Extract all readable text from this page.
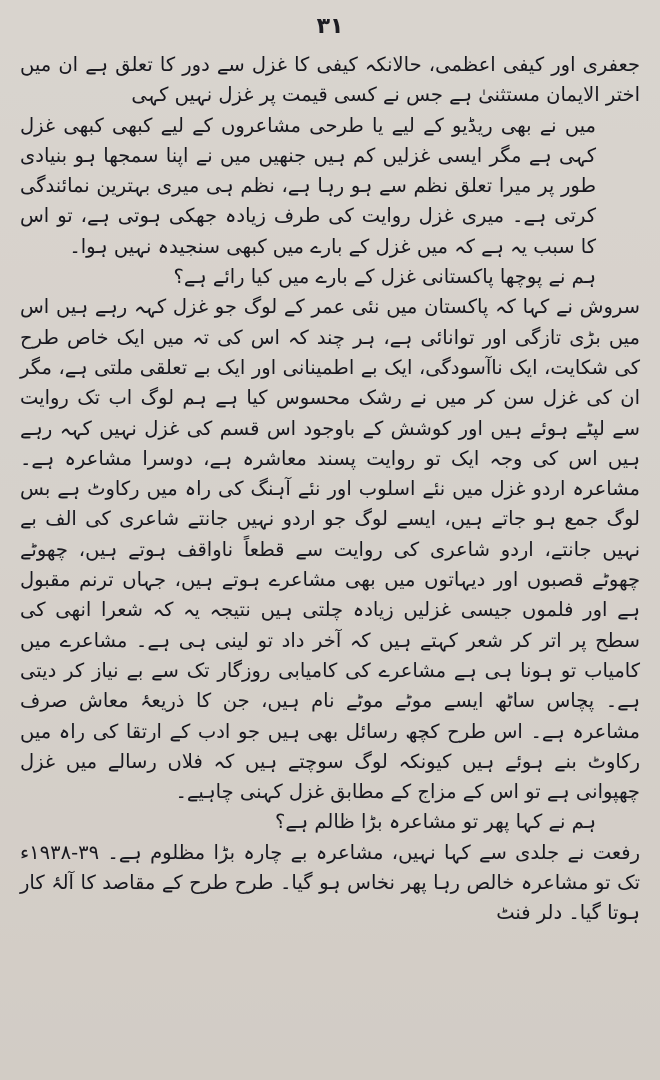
۳۱

جعفری اور کیفی اعظمی، حالانکہ کیفی کا غزل سے دور کا تعلق ہے ان میں اختر الایمان مستثنیٰ ہے جس نے کسی قیمت پر غزل نہیں کہی

میں نے بھی ریڈیو کے لیے یا طرحی مشاعروں کے لیے کبھی کبھی غزل کہی ہے مگر ایسی غزلیں کم ہیں جنھیں میں نے اپنا سمجھا ہو بنیادی طور پر میرا تعلق نظم سے ہو رہا ہے، نظم ہی میری بہترین نمائندگی کرتی ہے۔ میری غزل روایت کی طرف زیادہ جھکی ہوتی ہے، تو اس کا سبب یہ ہے کہ میں غزل کے بارے میں کبھی سنجیدہ نہیں ہوا۔

ہم نے پوچھا پاکستانی غزل کے بارے میں کیا رائے ہے؟

سروش نے کہا کہ پاکستان میں نئی عمر کے لوگ جو غزل کہہ رہے ہیں اس میں بڑی تازگی اور توانائی ہے، ہر چند کہ اس کی تہ میں ایک خاص طرح کی شکایت، ایک ناآسودگی، ایک بے اطمینانی اور ایک بے تعلقی ملتی ہے، مگر ان کی غزل سن کر میں نے رشک محسوس کیا ہے ہم لوگ اب تک روایت سے لپٹے ہوئے ہیں اور کوشش کے باوجود اس قسم کی غزل نہیں کہہ رہے ہیں اس کی وجہ ایک تو روایت پسند معاشرہ ہے، دوسرا مشاعرہ ہے۔ مشاعرہ اردو غزل میں نئے اسلوب اور نئے آہنگ کی راہ میں رکاوٹ ہے بس لوگ جمع ہو جاتے ہیں، ایسے لوگ جو اردو نہیں جانتے شاعری کی الف بے نہیں جانتے، اردو شاعری کی روایت سے قطعاً ناواقف ہوتے ہیں، چھوٹے چھوٹے قصبوں اور دیہاتوں میں بھی مشاعرے ہوتے ہیں، جہاں ترنم مقبول ہے اور فلموں جیسی غزلیں زیادہ چلتی ہیں نتیجہ یہ کہ شعرا انھی کی سطح پر اتر کر شعر کہتے ہیں کہ آخر داد تو لینی ہی ہے۔ مشاعرے میں کامیاب تو ہونا ہی ہے مشاعرے کی کامیابی روزگار تک سے بے نیاز کر دیتی ہے۔ پچاس ساٹھ ایسے موٹے موٹے نام ہیں، جن کا ذریعۂ معاش صرف مشاعرہ ہے۔ اس طرح کچھ رسائل بھی ہیں جو ادب کے ارتقا کی راہ میں رکاوٹ بنے ہوئے ہیں کیونکہ لوگ سوچتے ہیں کہ فلاں رسالے میں غزل چھپوانی ہے تو اس کے مزاج کے مطابق غزل کہنی چاہیے۔

ہم نے کہا پھر تو مشاعرہ بڑا ظالم ہے؟

رفعت نے جلدی سے کہا نہیں، مشاعرہ بے چارہ بڑا مظلوم ہے۔ ۳۹-۱۹۳۸ء تک تو مشاعرہ خالص رہا پھر نخاس ہو گیا۔ طرح طرح کے مقاصد کا آلۂ کار ہوتا گیا۔ دلر فنٹ
